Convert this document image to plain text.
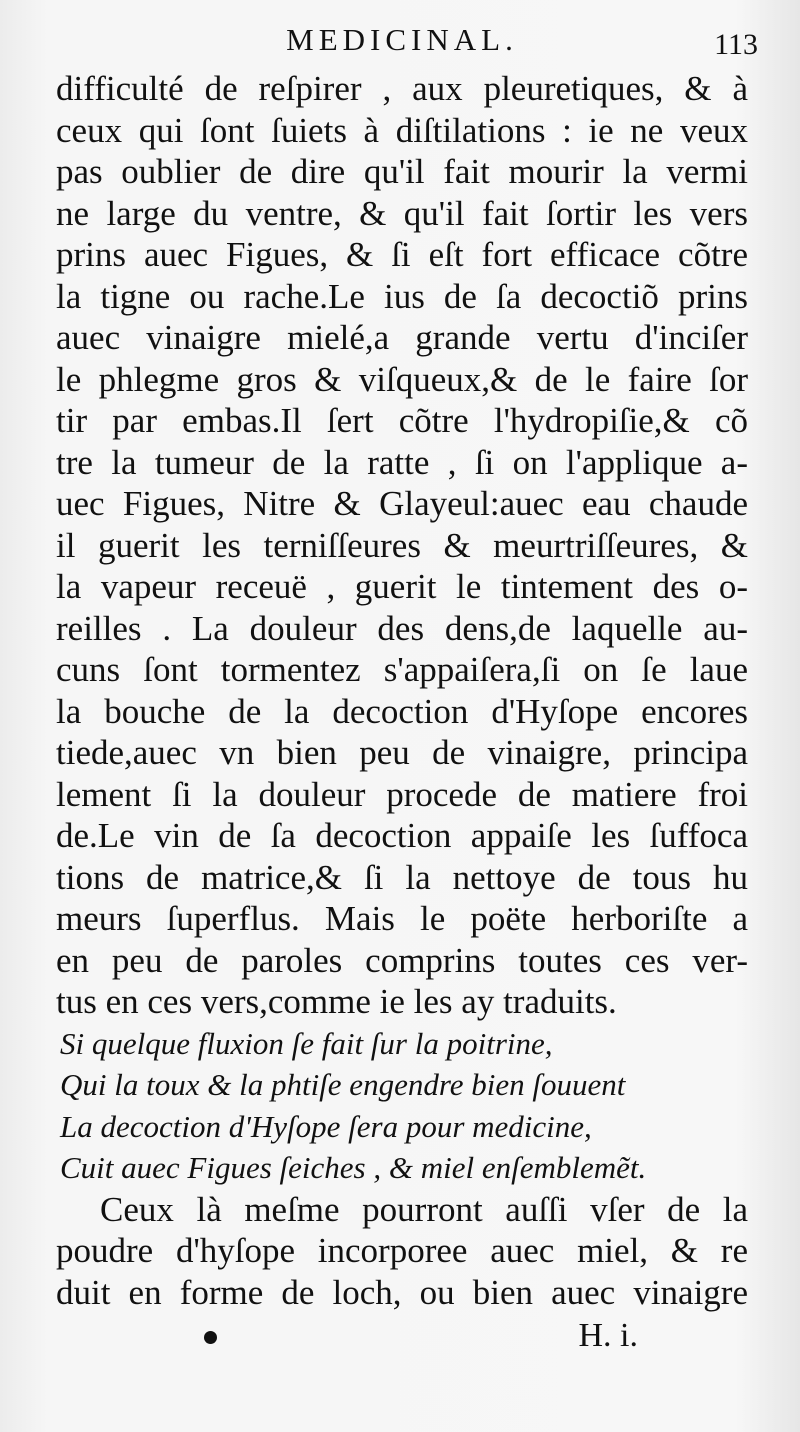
MEDICINAL.	113
difficulté de reſpirer , aux pleuretiques, & à
ceux qui ſont ſuiets à diſtilations : ie ne veux
pas oublier de dire qu'il fait mourir la vermi
ne large du ventre, & qu'il fait ſortir les vers
prins auec Figues, & ſi eſt fort efficace cõtre
la tigne ou rache.Le ius de ſa decoctiõ prins
auec vinaigre mielé,a grande vertu d'inciſer
le phlegme gros & viſqueux,& de le faire ſor
tir par embas.Il ſert cõtre l'hydropiſie,& cõ
tre la tumeur de la ratte , ſi on l'applique a-
uec Figues, Nitre & Glayeul:auec eau chaude
il guerit les terniſſeures & meurtriſſeures, &
la vapeur receuë , guerit le tintement des o-
reilles . La douleur des dens,de laquelle au-
cuns ſont tormentez s'appaiſera,ſi on ſe laue
la bouche de la decoction d'Hyſope encores
tiede,auec vn bien peu de vinaigre, principa
lement ſi la douleur procede de matiere froi
de.Le vin de ſa decoction appaiſe les ſuffoca
tions de matrice,& ſi la nettoye de tous hu
meurs ſuperflus. Mais le poëte herboriſte a
en peu de paroles comprins toutes ces ver-
tus en ces vers,comme ie les ay traduits.
Si quelque fluxion ſe fait ſur la poitrine,
Qui la toux & la phtiſe engendre bien ſouuent
La decoction d'Hyſope ſera pour medicine,
Cuit auec Figues ſeiches , & miel enſemblemẽt.
Ceux là meſme pourront auſſi vſer de la
poudre d'hyſope incorporee auec miel, & re
duit en forme de loch, ou bien auec vinaigre
H. i.
